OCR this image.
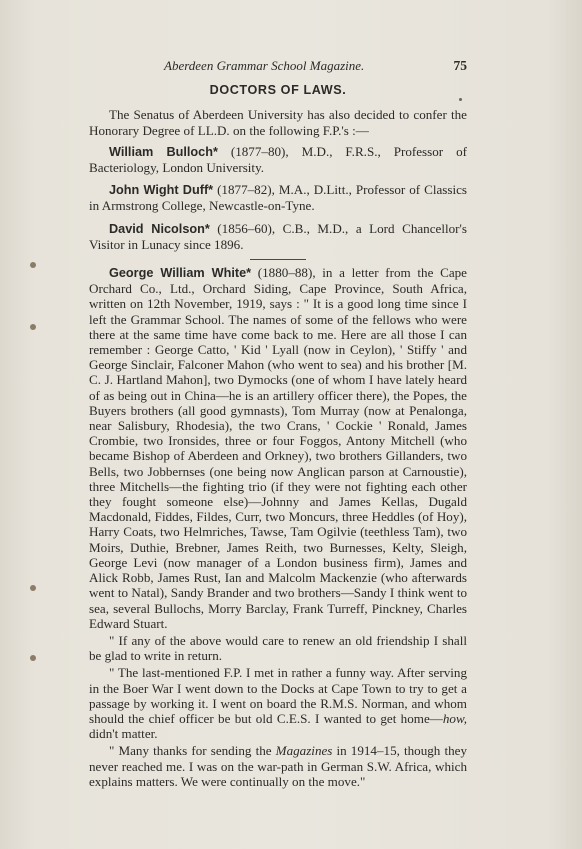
Aberdeen Grammar School Magazine.	75
DOCTORS OF LAWS.

The Senatus of Aberdeen University has also decided to confer the Honorary Degree of LL.D. on the following F.P.'s :—

William Bulloch* (1877–80), M.D., F.R.S., Professor of Bacteriology, London University.

John Wight Duff* (1877–82), M.A., D.Litt., Professor of Classics in Armstrong College, Newcastle-on-Tyne.

David Nicolson* (1856–60), C.B., M.D., a Lord Chancellor's Visitor in Lunacy since 1896.

George William White* (1880–88), in a letter from the Cape Orchard Co., Ltd., Orchard Siding, Cape Province, South Africa, written on 12th November, 1919, says : " It is a good long time since I left the Grammar School. The names of some of the fellows who were there at the same time have come back to me. Here are all those I can remember : George Catto, ' Kid ' Lyall (now in Ceylon), ' Stiffy ' and George Sinclair, Falconer Mahon (who went to sea) and his brother [M. C. J. Hartland Mahon], two Dymocks (one of whom I have lately heard of as being out in China—he is an artillery officer there), the Popes, the Buyers brothers (all good gymnasts), Tom Murray (now at Penalonga, near Salisbury, Rhodesia), the two Crans, ' Cockie ' Ronald, James Crombie, two Ironsides, three or four Foggos, Antony Mitchell (who became Bishop of Aberdeen and Orkney), two brothers Gillanders, two Bells, two Jobbernses (one being now Anglican parson at Carnoustie), three Mitchells—the fighting trio (if they were not fighting each other they fought someone else)—Johnny and James Kellas, Dugald Macdonald, Fiddes, Fildes, Curr, two Moncurs, three Heddles (of Hoy), Harry Coats, two Helmriches, Tawse, Tam Ogilvie (teethless Tam), two Moirs, Duthie, Brebner, James Reith, two Burnesses, Kelty, Sleigh, George Levi (now manager of a London business firm), James and Alick Robb, James Rust, Ian and Malcolm Mackenzie (who afterwards went to Natal), Sandy Brander and two brothers—Sandy I think went to sea, several Bullochs, Morry Barclay, Frank Turreff, Pinckney, Charles Edward Stuart.

" If any of the above would care to renew an old friendship I shall be glad to write in return.

" The last-mentioned F.P. I met in rather a funny way. After serving in the Boer War I went down to the Docks at Cape Town to try to get a passage by working it. I went on board the R.M.S. Norman, and whom should the chief officer be but old C.E.S. I wanted to get home—how, didn't matter.

" Many thanks for sending the Magazines in 1914–15, though they never reached me. I was on the war-path in German S.W. Africa, which explains matters. We were continually on the move."
